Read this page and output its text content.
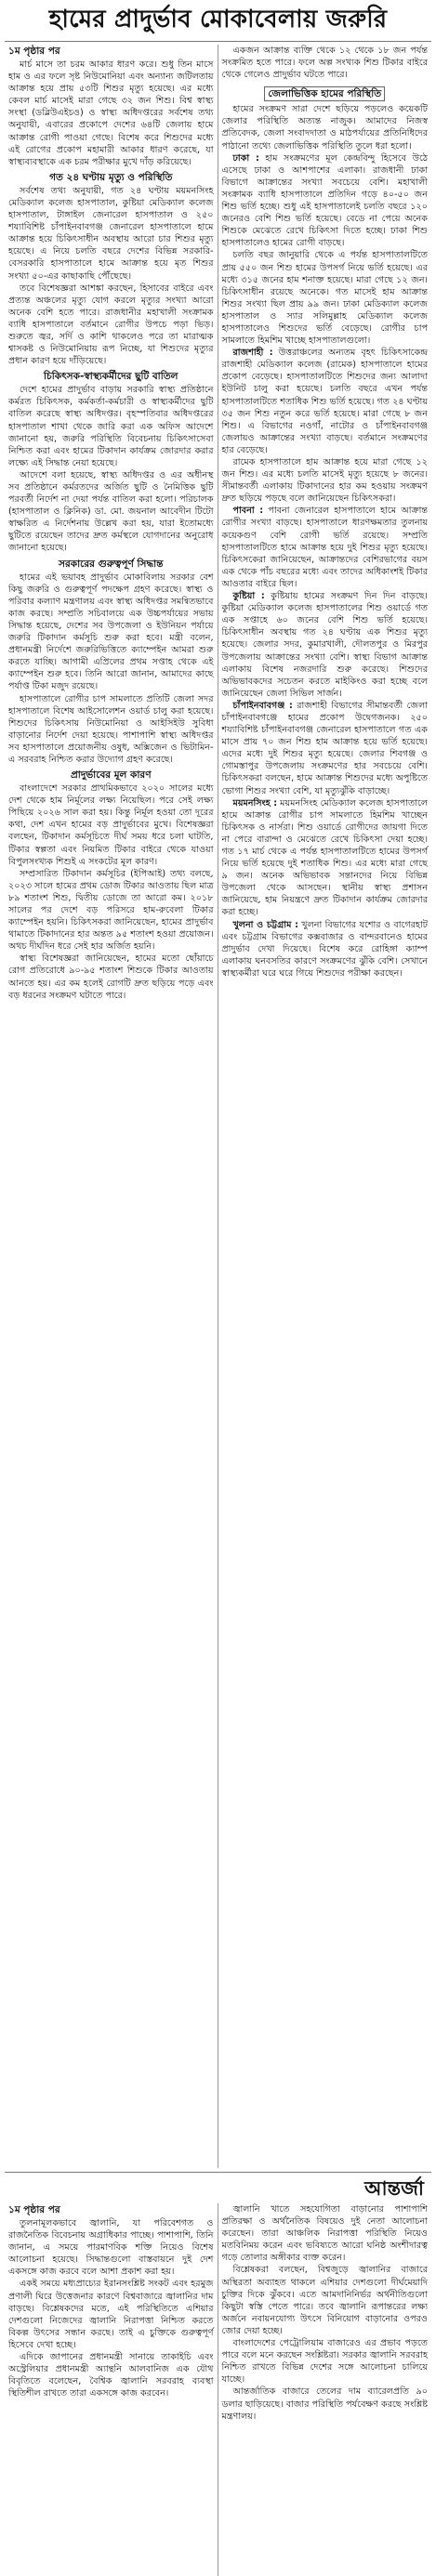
হামের প্রাদুর্ভাব মোকাবেলায় জরুরি
১ম পৃষ্ঠার পর

মার্চ মাসে তা চরম আকার ধারণ করে। শুধু তিন মাসে হাম ও এর ফলে সৃষ্ট নিউমোনিয়া এবং অন্যান্য জটিলতায় আক্রান্ত হয়ে প্রায় ৫৩টি শিশুর মৃত্যু হয়েছে। এর মধ্যে কেবল মার্চ মাসেই মারা গেছে ৩২ জন শিশু। বিশ্ব স্বাস্থ্য সংস্থা (ডব্লিউএইচও) ও স্বাস্থ্য অধিদপ্তরের সর্বশেষ তথ্য অনুযায়ী, এবারের প্রকোপে দেশের ৬৪টি জেলায় হামে আক্রান্ত রোগী পাওয়া গেছে। বিশেষ করে শিশুদের মধ্যে এই রোগের প্রকোপ মহামারী আকার ধারণ করেছে, যা স্বাস্থ্যব্যবস্থাকে এক চরম পরীক্ষার মুখে দাঁড় করিয়েছে।

গত ২৪ ঘণ্টায় মৃত্যু ও পরিস্থিতি

সর্বশেষ তথ্য অনুযায়ী, গত ২৪ ঘণ্টায় ময়মনসিংহ মেডিক্যাল কলেজ হাসপাতাল, কুষ্টিয়া মেডিক্যাল কলেজ হাসপাতাল, টাঙ্গাইল জেনারেল হাসপাতাল ও ২৫০ শয্যাবিশিষ্ট চাঁপাইনবাবগঞ্জ জেনারেল হাসপাতালে হামে আক্রান্ত হয়ে চিকিৎসাধীন অবস্থায় আরো চার শিশুর মৃত্যু হয়েছে। এ নিয়ে চলতি বছরে দেশের বিভিন্ন সরকারি-বেসরকারি হাসপাতালে হামে আক্রান্ত হয়ে মৃত শিশুর সংখ্যা ৫০-এর কাছাকাছি পৌঁছেছে।

তবে বিশেষজ্ঞরা আশঙ্কা করছেন, হিসাবের বাইরে এবং প্রত্যন্ত অঞ্চলের মৃত্যু যোগ করলে মৃত্যুর সংখ্যা আরো অনেক বেশি হতে পারে। রাজধানীর মহাখালী সংক্রামক ব্যাধি হাসপাতালে বর্তমানে রোগীর উপচে পড়া ভিড়। শুরুতে জ্বর, সর্দি ও কাশি থাকলেও পরে তা মারাত্মক শ্বাসকষ্ট ও নিউমোনিয়ায় রূপ নিচ্ছে, যা শিশুদের মৃত্যুর প্রধান কারণ হয়ে দাঁড়িয়েছে।

চিকিৎসক-স্বাস্থ্যকর্মীদের ছুটি বাতিল

দেশে হামের প্রাদুর্ভাব বাড়ায় সরকারি স্বাস্থ্য প্রতিষ্ঠানে কর্মরত চিকিৎসক, কর্মকর্তা-কর্মচারী ও স্বাস্থ্যকর্মীদের ছুটি বাতিল করেছে স্বাস্থ্য অধিদপ্তর। বৃহস্পতিবার অধিদপ্তরের হাসপাতাল শাখা থেকে জারি করা এক অফিস আদেশে জানানো হয়, জরুরি পরিস্থিতি বিবেচনায় চিকিৎসাসেবা নিশ্চিত করা এবং হামের টিকাদান কার্যক্রম জোরদার করার লক্ষ্যে এই সিদ্ধান্ত নেয়া হয়েছে।

আদেশে বলা হয়েছে, স্বাস্থ্য অধিদপ্তর ও এর অধীনস্থ সব প্রতিষ্ঠানে কর্মরতদের অর্জিত ছুটি ও নৈমিত্তিক ছুটি পরবর্তী নির্দেশ না দেয়া পর্যন্ত বাতিল করা হলো। পরিচালক (হাসপাতাল ও ক্লিনিক) ডা. মো. জয়নাল আবেদীন টিটো স্বাক্ষরিত এ নির্দেশনায় উল্লেখ করা হয়, যারা ইতোমধ্যে ছুটিতে রয়েছেন তাদের দ্রুত কর্মস্থলে যোগদানের অনুরোধ জানানো হয়েছে।

সরকারের গুরুত্বপূর্ণ সিদ্ধান্ত

হামের এই ভয়াবহ প্রাদুর্ভাব মোকাবিলায় সরকার বেশ কিছু জরুরি ও গুরুত্বপূর্ণ পদক্ষেপ গ্রহণ করেছে। স্বাস্থ্য ও পরিবার কল্যাণ মন্ত্রণালয় এবং স্বাস্থ্য অধিদপ্তর সমন্বিতভাবে কাজ করছে। সম্প্রতি সচিবালয়ে এক উচ্চপর্যায়ের সভায় সিদ্ধান্ত হয়েছে, দেশের সব উপজেলা ও ইউনিয়ন পর্যায়ে জরুরি টিকাদান কর্মসূচি শুরু করা হবে। মন্ত্রী বলেন, প্রধানমন্ত্রী নির্দেশে জরুরিভিত্তিতে ক্যাম্পেইন আমরা শুরু করতে যাচ্ছি। আগামী এপ্রিলের প্রথম সপ্তাহ থেকে এই ক্যাম্পেইন শুরু হবে। তিনি আরো জানান, আমাদের কাছে পর্যাপ্ত টিকা মজুদ রয়েছে।

হাসপাতালে রোগীর চাপ সামলাতে প্রতিটি জেলা সদর হাসপাতালে বিশেষ আইসোলেশন ওয়ার্ড চালু করা হয়েছে। শিশুদের চিকিৎসায় নিউমোনিয়া ও আইসিইউ সুবিধা বাড়ানোর নির্দেশ দেয়া হয়েছে। পাশাপাশি স্বাস্থ্য অধিদপ্তর সব হাসপাতালে প্রয়োজনীয় ওষুধ, অক্সিজেন ও ভিটামিন-এ সরবরাহ নিশ্চিত করার উদ্যোগ গ্রহণ করেছে।

প্রাদুর্ভাবের মূল কারণ

বাংলাদেশে সরকার প্রাথমিকভাবে ২০২০ সালের মধ্যে দেশ থেকে হাম নির্মূলের লক্ষ্য নিয়েছিল। পরে সেই লক্ষ্য পিছিয়ে ২০২৬ সাল করা হয়। কিন্তু নির্মূল হওয়া তো দূরের কথা, দেশ এখন হামের বড় প্রাদুর্ভাবের মুখে। বিশেষজ্ঞরা বলছেন, টিকাদান কর্মসূচিতে দীর্ঘ সময় ধরে চলা ঘাটতি, টিকার স্বল্পতা এবং নিয়মিত টিকার বাইরে থেকে যাওয়া বিপুলসংখ্যক শিশুই এ সংকটের মূল কারণ।

সম্প্রসারিত টিকাদান কর্মসূচির (ইপিআই) তথ্য বলছে, ২০২৩ সালে হামের প্রথম ডোজ টিকার আওতায় ছিল মাত্র ৮৯ শতাংশ শিশু, দ্বিতীয় ডোজে তা আরো কম। ২০১৮ সালের পর দেশে বড় পরিসরে হাম-রুবেলা টিকার ক্যাম্পেইন হয়নি। চিকিৎসকরা জানিয়েছেন, হামের প্রাদুর্ভাব থামাতে টিকাদানের হার অন্তত ৯৫ শতাংশ হওয়া প্রয়োজন। অথচ দীর্ঘদিন ধরে সেই হার অর্জিত হয়নি।

স্বাস্থ্য বিশেষজ্ঞরা জানিয়েছেন, হামের মতো ছোঁয়াচে রোগ প্রতিরোধে ৯০-৯৫ শতাংশ শিশুকে টিকার আওতায় আনতে হয়। এর কম হলেই রোগটি দ্রুত ছড়িয়ে পড়ে এবং বড় ধরনের সংক্রমণ ঘটাতে পারে।

একজন আক্রান্ত ব্যক্তি থেকে ১২ থেকে ১৮ জন পর্যন্ত সংক্রমিত হতে পারে। ফলে অল্প সংখ্যক শিশু টিকার বাইরে থেকে গেলেও প্রাদুর্ভাব ঘটতে পারে।

জেলাভিত্তিক হামের পরিস্থিতি

হামের সংক্রমণ সারা দেশে ছড়িয়ে পড়লেও কয়েকটি জেলার পরিস্থিতি অত্যন্ত নাজুক। আমাদের নিজস্ব প্রতিবেদক, জেলা সংবাদদাতা ও মাঠপর্যায়ের প্রতিনিধিদের পাঠানো তথ্যে জেলাভিত্তিক পরিস্থিতি তুলে ধরা হলো।

ঢাকা : হাম সংক্রমণের মূল কেন্দ্রবিন্দু হিসেবে উঠে এসেছে ঢাকা ও আশপাশের এলাকা। রাজধানী ঢাকা বিভাগে আক্রান্তের সংখ্যা সবচেয়ে বেশি। মহাখালী সংক্রামক ব্যাধি হাসপাতালে প্রতিদিন গড়ে ৪০-৫০ জন শিশু ভর্তি হচ্ছে। শুধু এই হাসপাতালেই চলতি বছরে ১২০ জনেরও বেশি শিশু ভর্তি হয়েছে। বেডে না পেয়ে অনেক শিশুকে মেঝেতে রেখে চিকিৎসা দিতে হচ্ছে। ঢাকা শিশু হাসপাতালেও হামের রোগী বাড়ছে।

চলতি বছর জানুয়ারি থেকে এ পর্যন্ত হাসপাতালটিতে প্রায় ৫৫০ জন শিশু হামের উপসর্গ নিয়ে ভর্তি হয়েছে। এর মধ্যে ৩১৫ জনের হাম শনাক্ত হয়েছে। মারা গেছে ১২ জন। চিকিৎসাধীন রয়েছে অনেকে। গত মাসেই হাম আক্রান্ত শিশুর সংখ্যা ছিল প্রায় ৯৯ জন। ঢাকা মেডিক্যাল কলেজ হাসপাতাল ও স্যার সলিমুল্লাহ মেডিক্যাল কলেজ হাসপাতালেও শিশুদের ভর্তি বেড়েছে। রোগীর চাপ সামলাতে হিমশিম খাচ্ছে হাসপাতালগুলো।

রাজশাহী : উত্তরাঞ্চলের অন্যতম বৃহৎ চিকিৎসাকেন্দ্র রাজশাহী মেডিক্যাল কলেজ (রামেক) হাসপাতালে হামের প্রকোপ বেড়েছে। হাসপাতালটিতে শিশুদের জন্য আলাদা ইউনিট চালু করা হয়েছে। চলতি বছরে এখন পর্যন্ত হাসপাতালটিতে শতাধিক শিশু ভর্তি হয়েছে। গত ২৪ ঘণ্টায় ৩৫ জন শিশু নতুন করে ভর্তি হয়েছে। মারা গেছে ৮ জন শিশু। এ বিভাগের নওগাঁ, নাটোর ও চাঁপাইনবাবগঞ্জ জেলায়ও আক্রান্তের সংখ্যা বাড়ছে। বর্তমানে সংক্রমণের হার বেড়েছে।

রামেক হাসপাতালে হাম আক্রান্ত হয়ে মারা গেছে ১২ জন শিশু। এর মধ্যে চলতি মাসেই মৃত্যু হয়েছে ৮ জনের। সীমান্তবর্তী এলাকায় টিকাদানের হার কম হওয়ায় সংক্রমণ দ্রুত ছড়িয়ে পড়ছে বলে জানিয়েছেন চিকিৎসকরা।

পাবনা : পাবনা জেনারেল হাসপাতালে হামে আক্রান্ত রোগীর সংখ্যা বাড়ছে। হাসপাতালে ধারণক্ষমতার তুলনায় কয়েকগুণ বেশি রোগী ভর্তি রয়েছে। সম্প্রতি হাসপাতালটিতে হামে আক্রান্ত হয়ে দুই শিশুর মৃত্যু হয়েছে। চিকিৎসকেরা জানিয়েছেন, আক্রান্তদের বেশিরভাগের বয়স এক থেকে পাঁচ বছরের মধ্যে এবং তাদের অধিকাংশই টিকার আওতার বাইরে ছিল।

কুষ্টিয়া : কুষ্টিয়ায় হামের সংক্রমণ দিন দিন বাড়ছে। কুষ্টিয়া মেডিক্যাল কলেজ হাসপাতালের শিশু ওয়ার্ডে গত এক সপ্তাহে ৬০ জনের বেশি শিশু ভর্তি হয়েছে। চিকিৎসাধীন অবস্থায় গত ২৪ ঘণ্টায় এক শিশুর মৃত্যু হয়েছে। জেলার সদর, কুমারখালী, দৌলতপুর ও মিরপুর উপজেলায় আক্রান্তের সংখ্যা বেশি। স্বাস্থ্য বিভাগ আক্রান্ত এলাকায় বিশেষ নজরদারি শুরু করেছে। শিশুদের অভিভাবকদের সচেতন করতে মাইকিংও করা হচ্ছে বলে জানিয়েছেন জেলা সিভিল সার্জন।

চাঁপাইনবাবগঞ্জ : রাজশাহী বিভাগের সীমান্তবর্তী জেলা চাঁপাইনবাবগঞ্জে হামের প্রকোপ উদ্বেগজনক। ২৫০ শয্যাবিশিষ্ট চাঁপাইনবাবগঞ্জ জেনারেল হাসপাতালে গত এক মাসে প্রায় ৭০ জন শিশু হাম আক্রান্ত হয়ে ভর্তি হয়েছে। এদের মধ্যে দুই শিশুর মৃত্যু হয়েছে। জেলার শিবগঞ্জ ও গোমস্তাপুর উপজেলায় সংক্রমণের হার সবচেয়ে বেশি। চিকিৎসকরা বলছেন, হামে আক্রান্ত শিশুদের মধ্যে অপুষ্টিতে ভোগা শিশুর সংখ্যা বেশি, যা মৃত্যুঝুঁকি বাড়াচ্ছে।

ময়মনসিংহ : ময়মনসিংহ মেডিক্যাল কলেজ হাসপাতালে হামে আক্রান্ত রোগীর চাপ সামলাতে হিমশিম খাচ্ছেন চিকিৎসক ও নার্সরা। শিশু ওয়ার্ডে রোগীদের জায়গা দিতে না পেরে বারান্দা ও মেঝেতে রেখে চিকিৎসা দেয়া হচ্ছে। গত ১৭ মার্চ থেকে এ পর্যন্ত হাসপাতালটিতে হামের উপসর্গ নিয়ে ভর্তি হয়েছে দুই শতাধিক শিশু। এর মধ্যে মারা গেছে ৯ জন। অনেক অভিভাবক সন্তানদের নিয়ে বিভিন্ন উপজেলা থেকে আসছেন। স্থানীয় স্বাস্থ্য প্রশাসন জানিয়েছে, হাম নিয়ন্ত্রণে দ্রুত টিকাদান কার্যক্রম জোরদার করা হচ্ছে।

খুলনা ও চট্টগ্রাম : খুলনা বিভাগের যশোর ও বাগেরহাট এবং চট্টগ্রাম বিভাগের কক্সবাজার ও বান্দরবানেও হামের প্রাদুর্ভাব দেখা দিয়েছে। বিশেষ করে রোহিঙ্গা ক্যাম্প এলাকায় ঘনবসতির কারণে সংক্রমণের ঝুঁকি বেশি। সেখানে স্বাস্থ্যকর্মীরা ঘরে ঘরে গিয়ে শিশুদের পরীক্ষা করছেন।

আন্তর্জা
১ম পৃষ্ঠার পর

তুলনামূলকভাবে জ্বালানি, যা পরিবেশগত ও রাজনৈতিক বিবেচনায় অগ্রাধিকার পাচ্ছে। পাশাপাশি, তিনি জানান, এ সময়ে পারমাণবিক শক্তি নিয়েও বিশেষ আলোচনা হয়েছে। সিদ্ধান্তগুলো বাস্তবায়নে দুই দেশ একসঙ্গে কাজ করবে বলে আশা প্রকাশ করা হয়।

একই সময়ে মধ্যপ্রাচ্যের ইরানসংশ্লিষ্ট সংকট এবং হরমুজ প্রণালী ঘিরে উত্তেজনার কারণে বিশ্ববাজারে জ্বালানির দাম বাড়ছে। বিশ্লেষকদের মতে, এই পরিস্থিতিতে এশিয়ার দেশগুলো নিজেদের জ্বালানি নিরাপত্তা নিশ্চিত করতে বিকল্প উৎসের সন্ধান করছে। তাই এ চুক্তিকে গুরুত্বপূর্ণ হিসেবে দেখা হচ্ছে।

এদিকে জাপানের প্রধানমন্ত্রী সানায়ে তাকাইচি এবং অস্ট্রেলিয়ার প্রধানমন্ত্রী অ্যান্থনি আলবানিজ এক যৌথ বিবৃতিতে বলেছেন, বৈশ্বিক জ্বালানি সরবরাহ ব্যবস্থা স্থিতিশীল রাখতে তারা একসঙ্গে কাজ করবেন।

জ্বালানি খাতে সহযোগিতা বাড়ানোর পাশাপাশি প্রতিরক্ষা ও অর্থনৈতিক বিষয়েও দুই নেতা আলোচনা করেছেন। তারা আঞ্চলিক নিরাপত্তা পরিস্থিতি নিয়েও মতবিনিময় করেন এবং ভবিষ্যতে আরো ঘনিষ্ঠ অংশীদারত্ব গড়ে তোলার অঙ্গীকার ব্যক্ত করেন।

বিশ্লেষকরা বলছেন, বিশ্বজুড়ে জ্বালানির বাজারে অস্থিরতা অব্যাহত থাকলে এশিয়ার দেশগুলো দীর্ঘমেয়াদি চুক্তির দিকে ঝুঁকবে। এতে আমদানিনির্ভর অর্থনীতিগুলো কিছুটা স্বস্তি পেতে পারে। তবে জ্বালানি রূপান্তরের লক্ষ্য অর্জনে নবায়নযোগ্য উৎসে বিনিয়োগ বাড়ানোর ওপরও জোর দেয়া হচ্ছে।

বাংলাদেশের পেট্রোলিয়াম বাজারেও এর প্রভাব পড়তে পারে বলে মনে করছেন সংশ্লিষ্টরা। সরকার জ্বালানি সরবরাহ নিশ্চিত রাখতে বিভিন্ন দেশের সঙ্গে আলোচনা চালিয়ে যাচ্ছে।

আন্তর্জাতিক বাজারে তেলের দাম ব্যারেলপ্রতি ৯০ ডলার ছাড়িয়েছে। বাজার পরিস্থিতি পর্যবেক্ষণ করছে সংশ্লিষ্ট মন্ত্রণালয়।
